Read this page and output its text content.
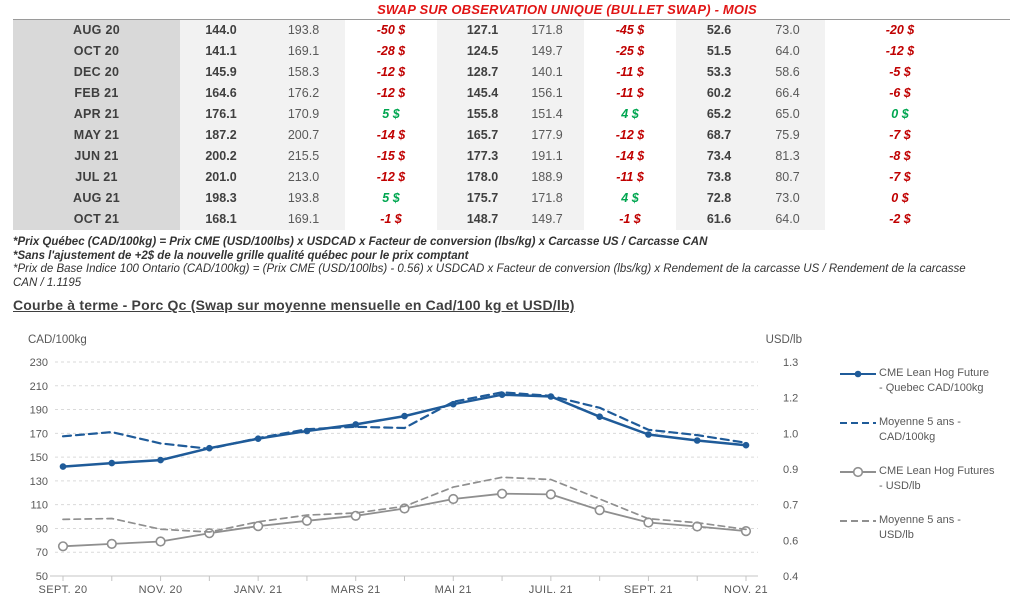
SWAP SUR OBSERVATION UNIQUE (BULLET SWAP) - MOIS
AUG 20	144.0	193.8	-50 $	127.1	171.8	-45 $	52.6	73.0	-20 $
OCT 20	141.1	169.1	-28 $	124.5	149.7	-25 $	51.5	64.0	-12 $
DEC 20	145.9	158.3	-12 $	128.7	140.1	-11 $	53.3	58.6	-5 $
FEB 21	164.6	176.2	-12 $	145.4	156.1	-11 $	60.2	66.4	-6 $
APR 21	176.1	170.9	5 $	155.8	151.4	4 $	65.2	65.0	0 $
MAY 21	187.2	200.7	-14 $	165.7	177.9	-12 $	68.7	75.9	-7 $
JUN 21	200.2	215.5	-15 $	177.3	191.1	-14 $	73.4	81.3	-8 $
JUL 21	201.0	213.0	-12 $	178.0	188.9	-11 $	73.8	80.7	-7 $
AUG 21	198.3	193.8	5 $	175.7	171.8	4 $	72.8	73.0	0 $
OCT 21	168.1	169.1	-1 $	148.7	149.7	-1 $	61.6	64.0	-2 $

*Prix Québec (CAD/100kg) = Prix CME (USD/100lbs) x USDCAD x Facteur de conversion (lbs/kg) x Carcasse US / Carcasse CAN

*Sans l'ajustement de +2$ de la nouvelle grille qualité québec pour le prix comptant

*Prix de Base Indice 100 Ontario (CAD/100kg) = (Prix CME (USD/100lbs) - 0.56) x USDCAD x Facteur de conversion (lbs/kg) x Rendement de la carcasse US / Rendement de la carcasse CAN / 1.1195

Courbe à terme - Porc Qc (Swap sur moyenne mensuelle en Cad/100 kg et USD/lb)
CAD/100kg	USD/lb
230
210
190
170
150
130
110
90
70
50
1.3
1.2
1.0
0.9
0.7
0.6
0.4
SEPT. 20	NOV. 20	JANV. 21	MARS 21	MAI 21	JUIL. 21	SEPT. 21	NOV. 21
CME Lean Hog Future - Quebec CAD/100kg
Moyenne 5 ans - CAD/100kg
CME Lean Hog Futures - USD/lb
Moyenne 5 ans - USD/lb
